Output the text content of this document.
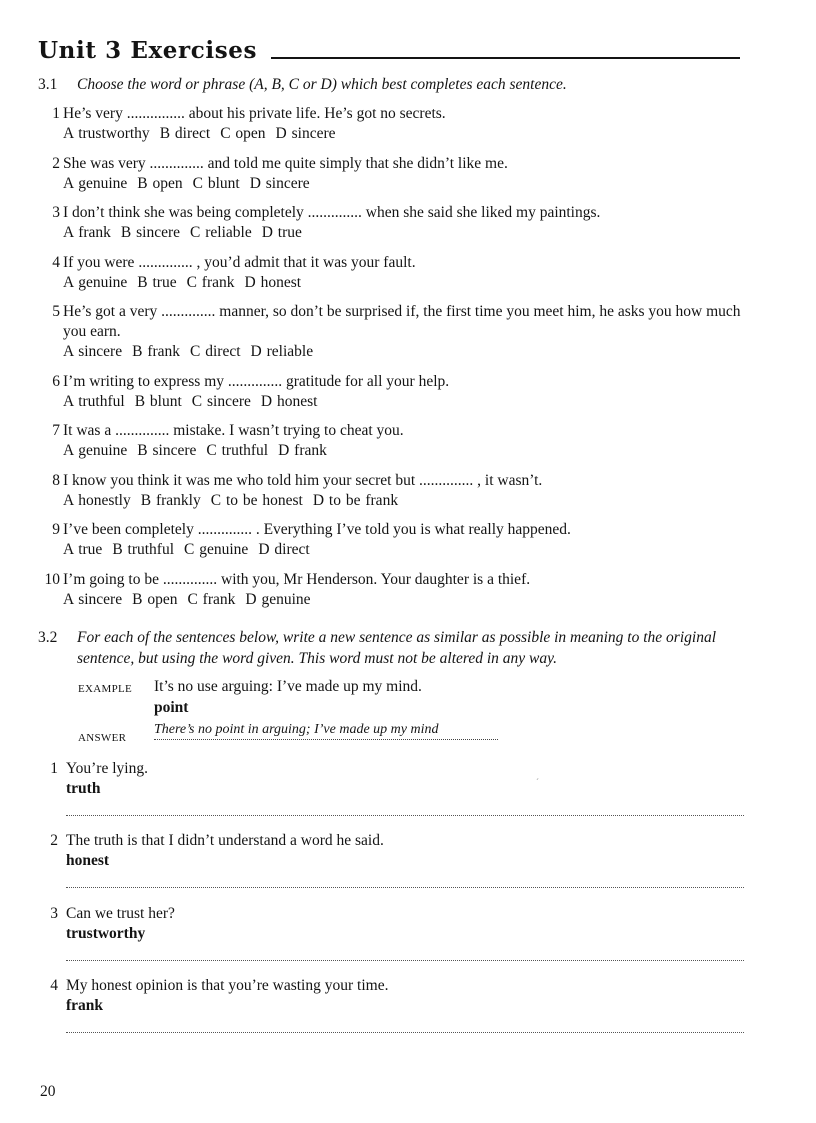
Unit 3 Exercises
3.1 Choose the word or phrase (A, B, C or D) which best completes each sentence.
1 He’s very ............... about his private life. He’s got no secrets.
A trustworthy B direct C open D sincere
2 She was very .............. and told me quite simply that she didn’t like me.
A genuine B open C blunt D sincere
3 I don’t think she was being completely .............. when she said she liked my paintings.
A frank B sincere C reliable D true
4 If you were .............. , you’d admit that it was your fault.
A genuine B true C frank D honest
5 He’s got a very .............. manner, so don’t be surprised if, the first time you meet him, he asks you how much you earn.
A sincere B frank C direct D reliable
6 I’m writing to express my .............. gratitude for all your help.
A truthful B blunt C sincere D honest
7 It was a .............. mistake. I wasn’t trying to cheat you.
A genuine B sincere C truthful D frank
8 I know you think it was me who told him your secret but .............. , it wasn’t.
A honestly B frankly C to be honest D to be frank
9 I’ve been completely .............. . Everything I’ve told you is what really happened.
A true B truthful C genuine D direct
10 I’m going to be .............. with you, Mr Henderson. Your daughter is a thief.
A sincere B open C frank D genuine
3.2 For each of the sentences below, write a new sentence as similar as possible in meaning to the original sentence, but using the word given. This word must not be altered in any way.
EXAMPLE It’s no use arguing: I’ve made up my mind.
point
ANSWER
There’s no point in arguing; I’ve made up my mind
1 You’re lying.
truth
2 The truth is that I didn’t understand a word he said.
honest
3 Can we trust her?
trustworthy
4 My honest opinion is that you’re wasting your time.
frank
´
20
